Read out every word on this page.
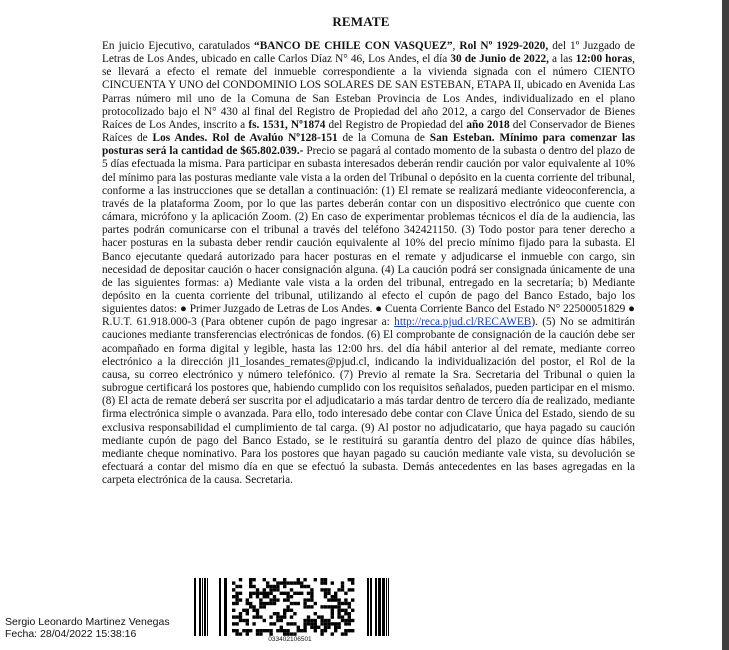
REMATE
En juicio Ejecutivo, caratulados “BANCO DE CHILE CON VASQUEZ”, Rol Nº 1929-2020, del 1º Juzgado de Letras de Los Andes, ubicado en calle Carlos Díaz N° 46, Los Andes, el día 30 de Junio de 2022, a las 12:00 horas, se llevará a efecto el remate del inmueble correspondiente a la vivienda signada con el número CIENTO CINCUENTA Y UNO del CONDOMINIO LOS SOLARES DE SAN ESTEBAN, ETAPA II, ubicado en Avenida Las Parras número mil uno de la Comuna de San Esteban Provincia de Los Andes, individualizado en el plano protocolizado bajo el N° 430 al final del Registro de Propiedad del año 2012, a cargo del Conservador de Bienes Raíces de Los Andes, inscrito a fs. 1531, Nº1874 del Registro de Propiedad del año 2018 del Conservador de Bienes Raíces de Los Andes. Rol de Avalúo Nº128-151 de la Comuna de San Esteban. Mínimo para comenzar las posturas será la cantidad de $65.802.039.- Precio se pagará al contado momento de la subasta o dentro del plazo de 5 días efectuada la misma. Para participar en subasta interesados deberán rendir caución por valor equivalente al 10% del mínimo para las posturas mediante vale vista a la orden del Tribunal o depósito en la cuenta corriente del tribunal, conforme a las instrucciones que se detallan a continuación: (1) El remate se realizará mediante videoconferencia, a través de la plataforma Zoom, por lo que las partes deberán contar con un dispositivo electrónico que cuente con cámara, micrófono y la aplicación Zoom. (2) En caso de experimentar problemas técnicos el día de la audiencia, las partes podrán comunicarse con el tribunal a través del teléfono 342421150. (3) Todo postor para tener derecho a hacer posturas en la subasta deber rendir caución equivalente al 10% del precio mínimo fijado para la subasta. El Banco ejecutante quedará autorizado para hacer posturas en el remate y adjudicarse el inmueble con cargo, sin necesidad de depositar caución o hacer consignación alguna. (4) La caución podrá ser consignada únicamente de una de las siguientes formas: a) Mediante vale vista a la orden del tribunal, entregado en la secretaría; b) Mediante depósito en la cuenta corriente del tribunal, utilizando al efecto el cupón de pago del Banco Estado, bajo los siguientes datos: ● Primer Juzgado de Letras de Los Andes. ● Cuenta Corriente Banco del Estado N° 22500051829 ● R.U.T. 61.918.000-3 (Para obtener cupón de pago ingresar a: http://reca.pjud.cl/RECAWEB). (5) No se admitirán cauciones mediante transferencias electrónicas de fondos. (6) El comprobante de consignación de la caución debe ser acompañado en forma digital y legible, hasta las 12:00 hrs. del día hábil anterior al del remate, mediante correo electrónico a la dirección jl1_losandes_remates@pjud.cl, indicando la individualización del postor, el Rol de la causa, su correo electrónico y número telefónico. (7) Previo al remate la Sra. Secretaria del Tribunal o quien la subrogue certificará los postores que, habiendo cumplido con los requisitos señalados, pueden participar en el mismo. (8) El acta de remate deberá ser suscrita por el adjudicatario a más tardar dentro de tercero día de realizado, mediante firma electrónica simple o avanzada. Para ello, todo interesado debe contar con Clave Única del Estado, siendo de su exclusiva responsabilidad el cumplimiento de tal carga. (9) Al postor no adjudicatario, que haya pagado su caución mediante cupón de pago del Banco Estado, se le restituirá su garantía dentro del plazo de quince días hábiles, mediante cheque nominativo. Para los postores que hayan pagado su caución mediante vale vista, su devolución se efectuará a contar del mismo día en que se efectuó la subasta. Demás antecedentes en las bases agregadas en la carpeta electrónica de la causa. Secretaria.
Sergio Leonardo Martinez Venegas
Fecha: 28/04/2022 15:38:16	033402106501
